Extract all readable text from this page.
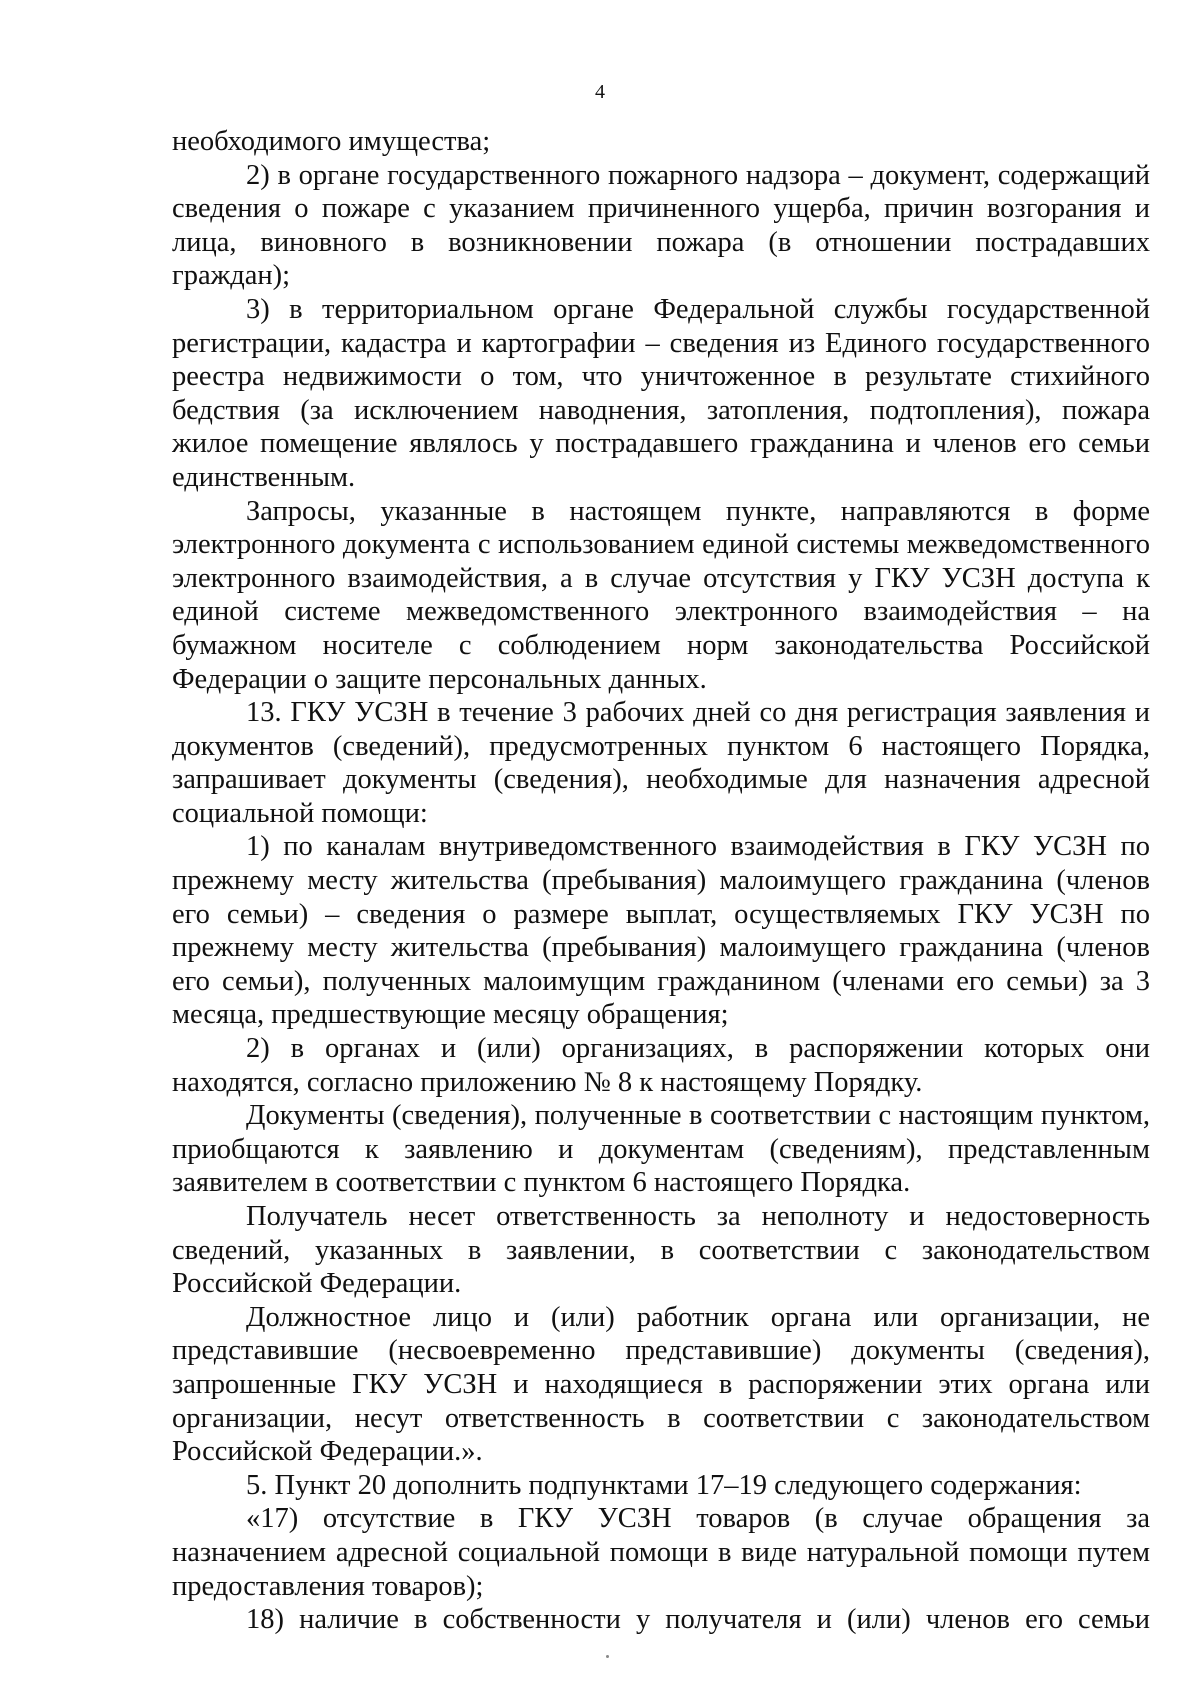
4

необходимого имущества;

2) в органе государственного пожарного надзора – документ, содержащий сведения о пожаре с указанием причиненного ущерба, причин возгорания и лица, виновного в возникновении пожара (в отношении пострадавших граждан);

3) в территориальном органе Федеральной службы государственной регистрации, кадастра и картографии – сведения из Единого государственного реестра недвижимости о том, что уничтоженное в результате стихийного бедствия (за исключением наводнения, затопления, подтопления), пожара жилое помещение являлось у пострадавшего гражданина и членов его семьи единственным.

Запросы, указанные в настоящем пункте, направляются в форме электронного документа с использованием единой системы межведомственного электронного взаимодействия, а в случае отсутствия у ГКУ УСЗН доступа к единой системе межведомственного электронного взаимодействия – на бумажном носителе с соблюдением норм законодательства Российской Федерации о защите персональных данных.

13. ГКУ УСЗН в течение 3 рабочих дней со дня регистрация заявления и документов (сведений), предусмотренных пунктом 6 настоящего Порядка, запрашивает документы (сведения), необходимые для назначения адресной социальной помощи:

1) по каналам внутриведомственного взаимодействия в ГКУ УСЗН по прежнему месту жительства (пребывания) малоимущего гражданина (членов его семьи) – сведения о размере выплат, осуществляемых ГКУ УСЗН по прежнему месту жительства (пребывания) малоимущего гражданина (членов его семьи), полученных малоимущим гражданином (членами его семьи) за 3 месяца, предшествующие месяцу обращения;

2) в органах и (или) организациях, в распоряжении которых они находятся, согласно приложению № 8 к настоящему Порядку.

Документы (сведения), полученные в соответствии с настоящим пунктом, приобщаются к заявлению и документам (сведениям), представленным заявителем в соответствии с пунктом 6 настоящего Порядка.

Получатель несет ответственность за неполноту и недостоверность сведений, указанных в заявлении, в соответствии с законодательством Российской Федерации.

Должностное лицо и (или) работник органа или организации, не представившие (несвоевременно представившие) документы (сведения), запрошенные ГКУ УСЗН и находящиеся в распоряжении этих органа или организации, несут ответственность в соответствии с законодательством Российской Федерации.».

5. Пункт 20 дополнить подпунктами 17–19 следующего содержания:

«17) отсутствие в ГКУ УСЗН товаров (в случае обращения за назначением адресной социальной помощи в виде натуральной помощи путем предоставления товаров);

18) наличие в собственности у получателя и (или) членов его семьи
